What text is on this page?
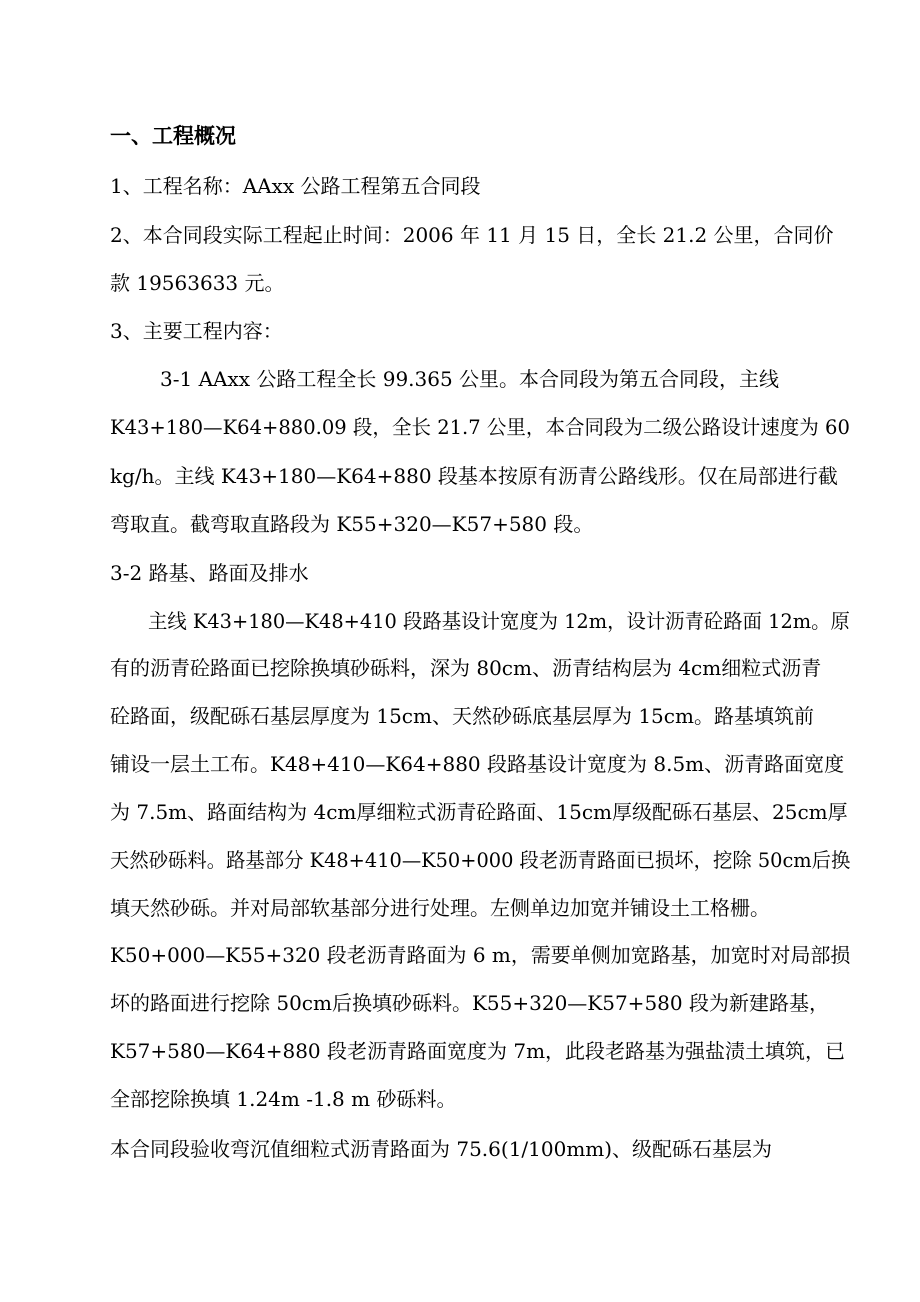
一、工程概况
1、工程名称：AAxx 公路工程第五合同段
2、本合同段实际工程起止时间：2006 年 11 月 15 日，全长 21.2 公里，合同价
款 19563633 元。
3、主要工程内容：
3-1 AAxx 公路工程全长 99.365 公里。本合同段为第五合同段，主线
K43+180—K64+880.09 段，全长 21.7 公里，本合同段为二级公路设计速度为 60
kg/h。主线 K43+180—K64+880 段基本按原有沥青公路线形。仅在局部进行截
弯取直。截弯取直路段为 K55+320—K57+580 段。
3-2 路基、路面及排水
主线 K43+180—K48+410 段路基设计宽度为 12m，设计沥青砼路面 12m。原
有的沥青砼路面已挖除换填砂砾料，深为 80cm、沥青结构层为 4cm细粒式沥青
砼路面，级配砾石基层厚度为 15cm、天然砂砾底基层厚为 15cm。路基填筑前
铺设一层土工布。K48+410—K64+880 段路基设计宽度为 8.5m、沥青路面宽度
为 7.5m、路面结构为 4cm厚细粒式沥青砼路面、15cm厚级配砾石基层、25cm厚
天然砂砾料。路基部分 K48+410—K50+000 段老沥青路面已损坏，挖除 50cm后换
填天然砂砾。并对局部软基部分进行处理。左侧单边加宽并铺设土工格栅。
K50+000—K55+320 段老沥青路面为 6 m，需要单侧加宽路基，加宽时对局部损
坏的路面进行挖除 50cm后换填砂砾料。K55+320—K57+580 段为新建路基，
K57+580—K64+880 段老沥青路面宽度为 7m，此段老路基为强盐渍土填筑，已
全部挖除换填 1.24m -1.8 m 砂砾料。
本合同段验收弯沉值细粒式沥青路面为 75.6(1/100mm)、级配砾石基层为
